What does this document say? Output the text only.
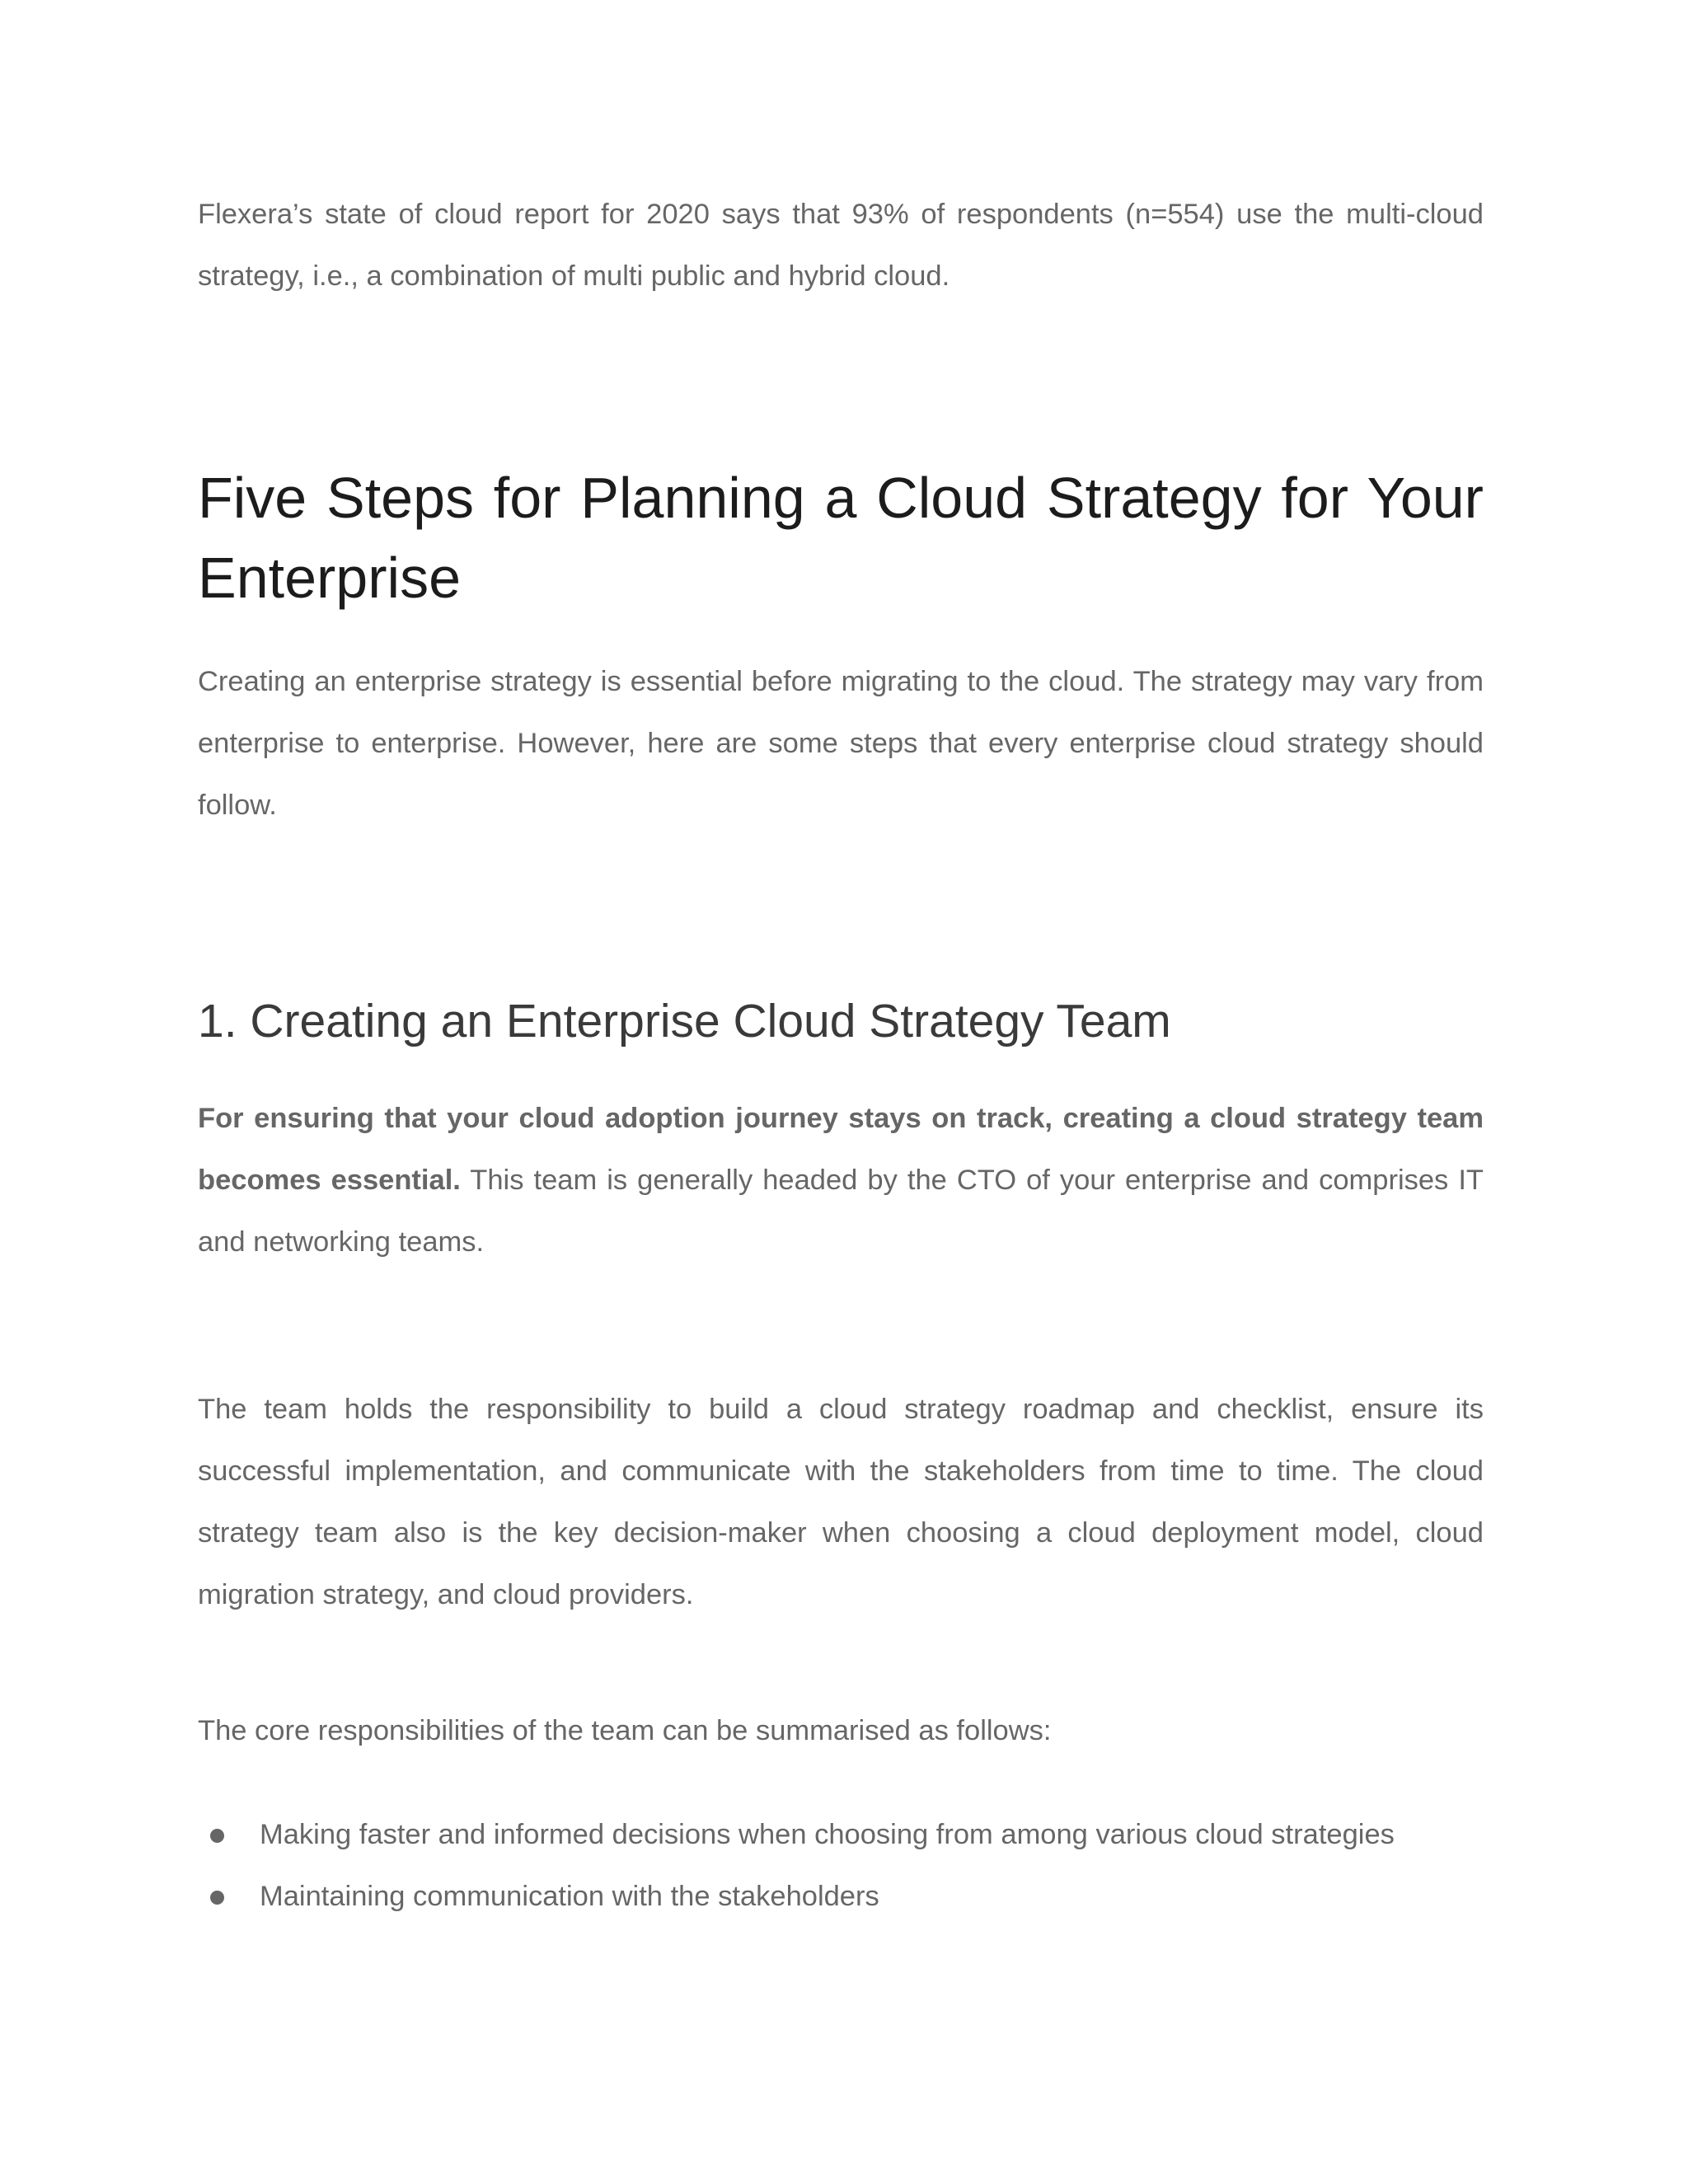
Flexera’s state of cloud report for 2020 says that 93% of respondents (n=554) use the multi-cloud strategy, i.e., a combination of multi public and hybrid cloud.

Five Steps for Planning a Cloud Strategy for Your Enterprise

Creating an enterprise strategy is essential before migrating to the cloud. The strategy may vary from enterprise to enterprise. However, here are some steps that every enterprise cloud strategy should follow.

1. Creating an Enterprise Cloud Strategy Team

For ensuring that your cloud adoption journey stays on track, creating a cloud strategy team becomes essential. This team is generally headed by the CTO of your enterprise and comprises IT and networking teams.

The team holds the responsibility to build a cloud strategy roadmap and checklist, ensure its successful implementation, and communicate with the stakeholders from time to time. The cloud strategy team also is the key decision-maker when choosing a cloud deployment model, cloud migration strategy, and cloud providers.

The core responsibilities of the team can be summarised as follows:

Making faster and informed decisions when choosing from among various cloud strategies
Maintaining communication with the stakeholders
